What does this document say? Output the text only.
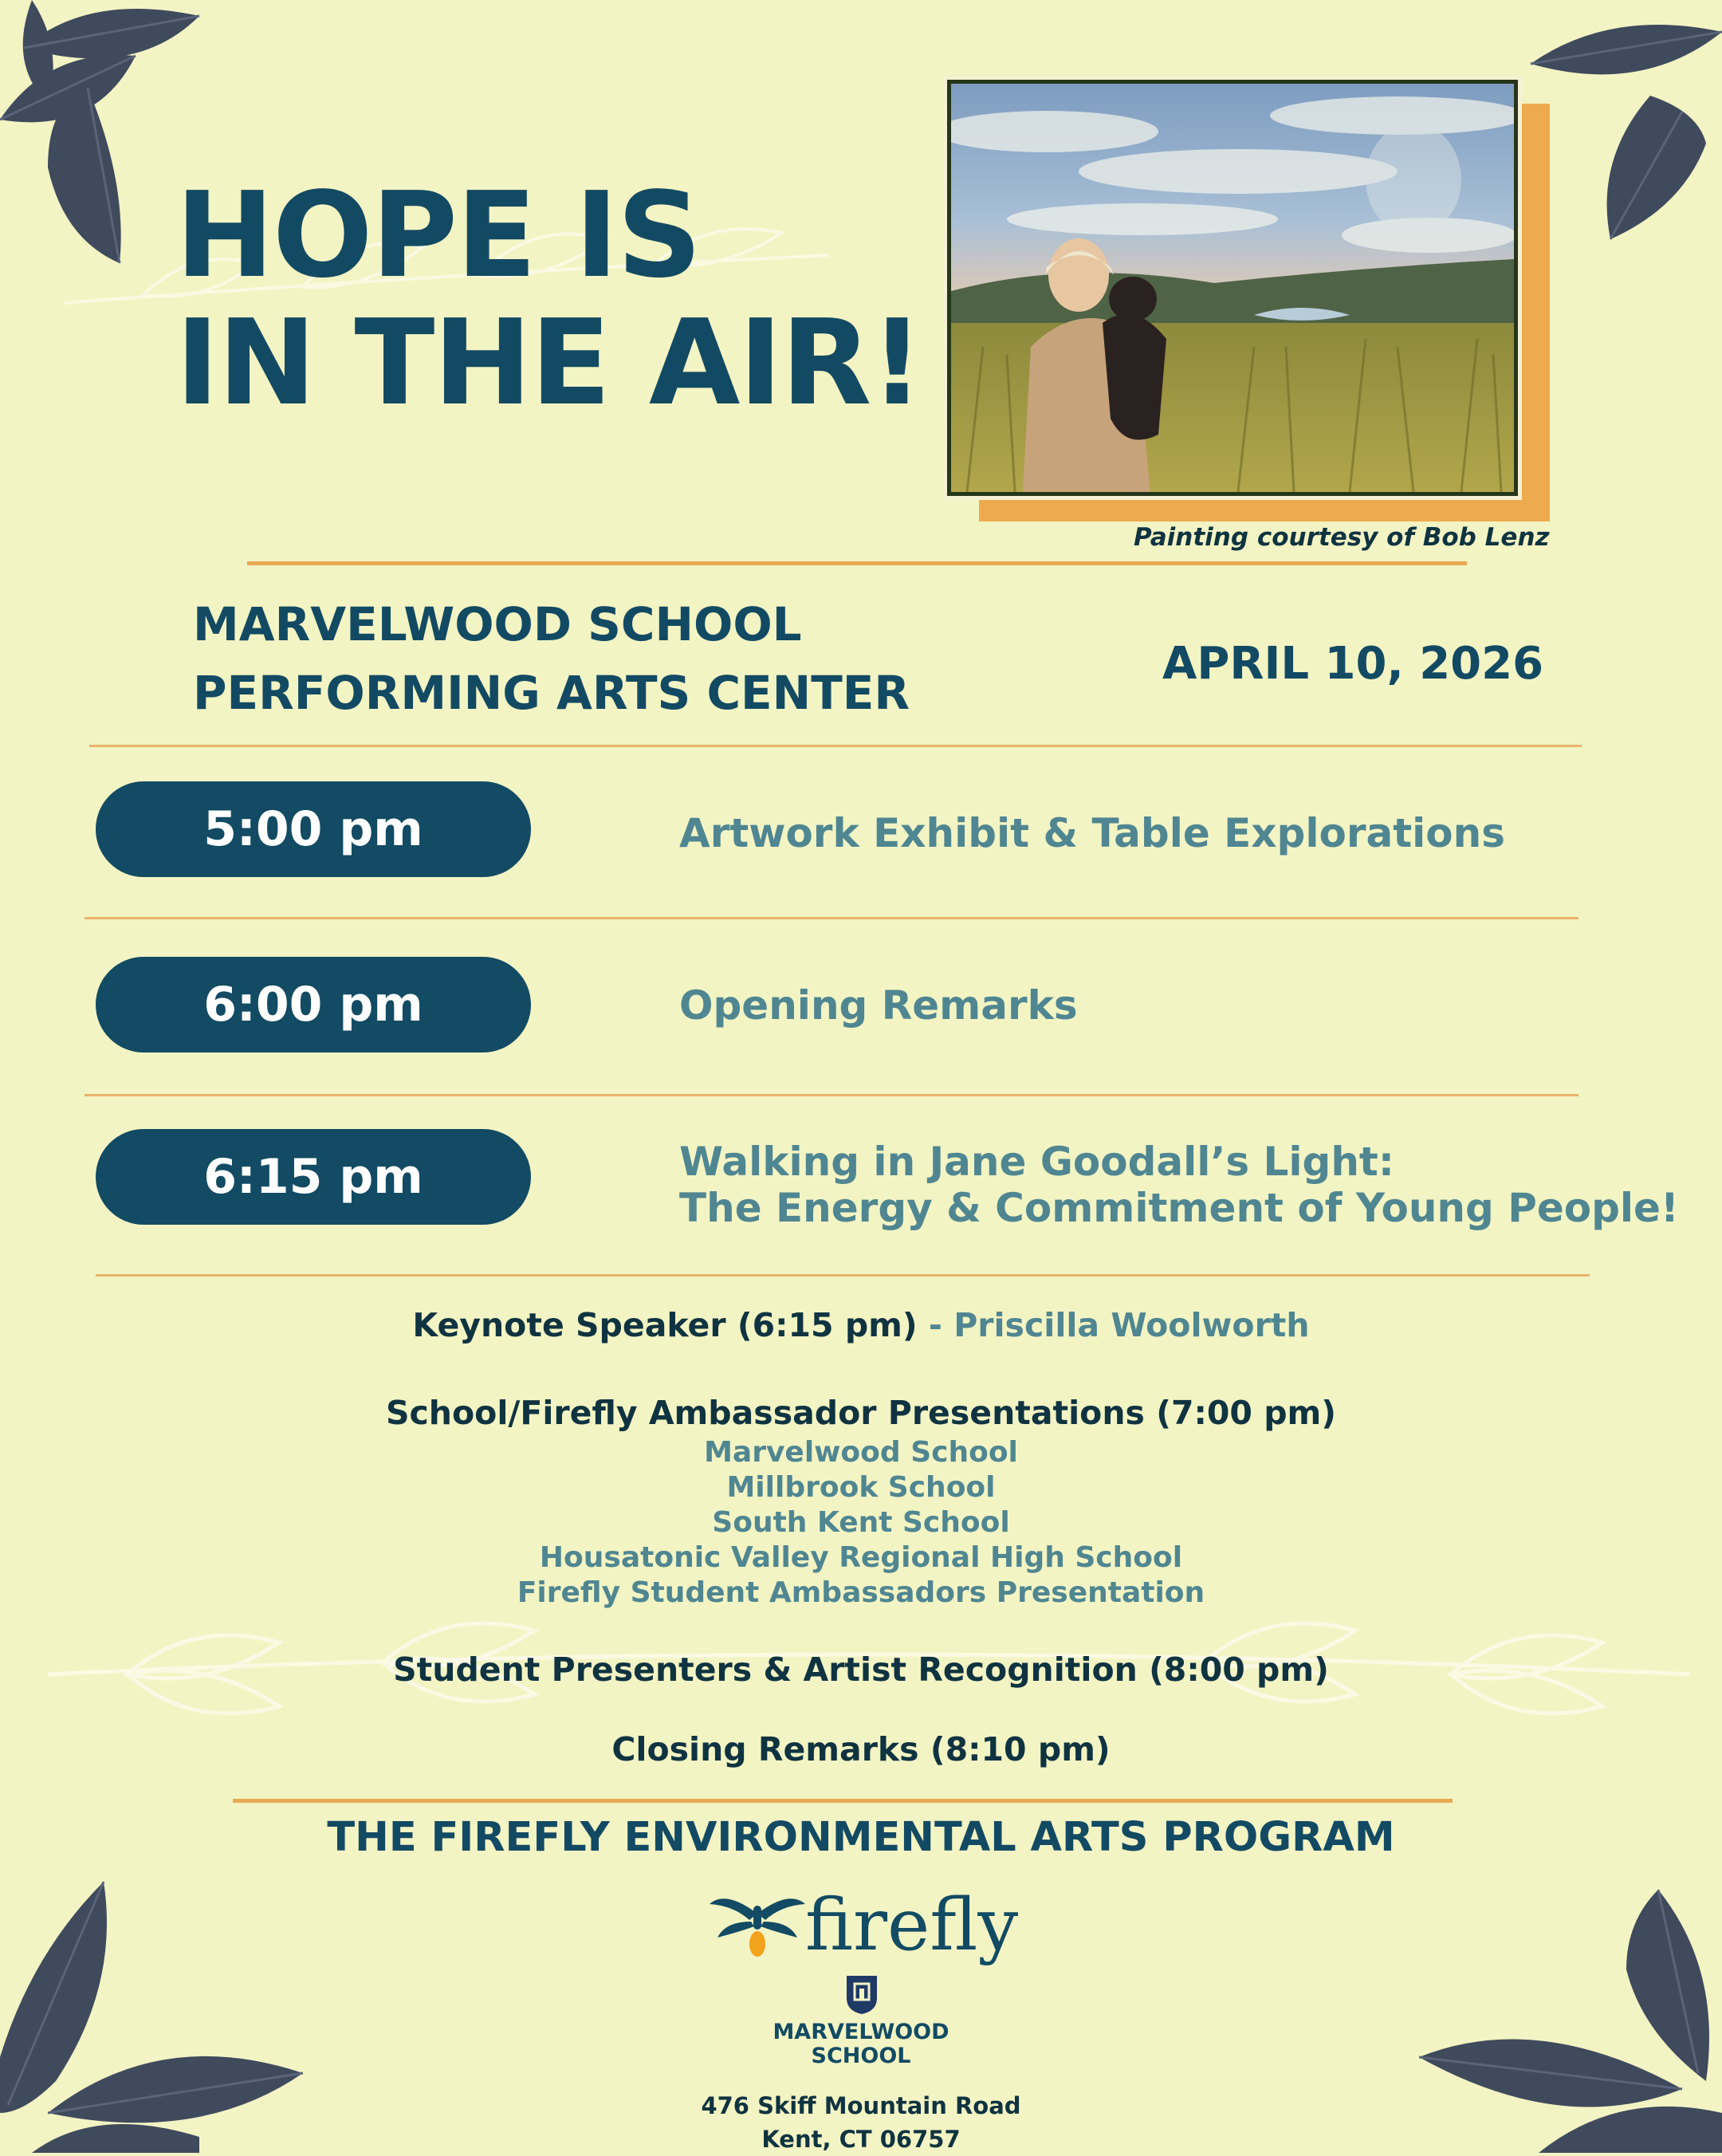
HOPE IS
IN THE AIR!
Painting courtesy of Bob Lenz
MARVELWOOD SCHOOL
PERFORMING ARTS CENTER
APRIL 10, 2026
5:00 pm	Artwork Exhibit & Table Explorations
6:00 pm	Opening Remarks
6:15 pm	Walking in Jane Goodall’s Light:
The Energy & Commitment of Young People!
Keynote Speaker (6:15 pm) - Priscilla Woolworth
School/Firefly Ambassador Presentations (7:00 pm)
Marvelwood School
Millbrook School
South Kent School
Housatonic Valley Regional High School
Firefly Student Ambassadors Presentation
Student Presenters & Artist Recognition (8:00 pm)
Closing Remarks (8:10 pm)
THE FIREFLY ENVIRONMENTAL ARTS PROGRAM
firefly
MARVELWOOD
SCHOOL
476 Skiff Mountain Road
Kent, CT 06757
